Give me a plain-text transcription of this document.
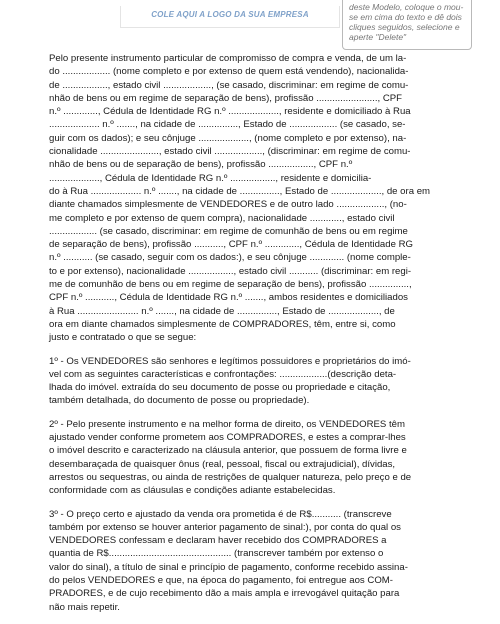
COLE AQUI A LOGO DA SUA EMPRESA
deste Modelo, coloque o mou- se em cima do texto e dê dois cliques seguidos, selecione e aperte "Delete"

Pelo presente instrumento particular de compromisso de compra e venda, de um la-
do .................. (nome completo e por extenso de quem está vendendo), nacionalida-
de ................., estado civil .................., (se casado, discriminar: em regime de comu-
nhão de bens ou em regime de separação de bens), profissão ......................., CPF
n.º ............., Cédula de Identidade RG n.º ..................., residente e domiciliado à Rua
................... n.º ......., na cidade de ..............., Estado de .................. (se casado, se-
guir com os dados); e seu cônjuge ..................., (nome completo e por extenso), na-
cionalidade ......................, estado civil .................., (discriminar: em regime de comu-
nhão de bens ou de separação de bens), profissão ................., CPF n.º
..................., Cédula de Identidade RG n.º ................., residente e domicilia-
do à Rua ................... n.º ......., na cidade de ..............., Estado de ..................., de ora em
diante chamados simplesmente de VENDEDORES e de outro lado .................., (no-
me completo e por extenso de quem compra), nacionalidade ............, estado civil
.................. (se casado, discriminar: em regime de comunhão de bens ou em regime
de separação de bens), profissão ..........., CPF n.º ............., Cédula de Identidade RG
n.º ........... (se casado, seguir com os dados:), e seu cônjuge ............. (nome comple-
to e por extenso), nacionalidade ................., estado civil ........... (discriminar: em regi-
me de comunhão de bens ou em regime de separação de bens), profissão ...............,
CPF n.º ..........., Cédula de Identidade RG n.º ......., ambos residentes e domiciliados
à Rua ....................... n.º ......., na cidade de ..............., Estado de ..................., de
ora em diante chamados simplesmente de COMPRADORES, têm, entre si, como
justo e contratado o que se segue:

1º - Os VENDEDORES são senhores e legítimos possuidores e proprietários do imó-
vel com as seguintes características e confrontações: ..................(descrição deta-
lhada do imóvel. extraída do seu documento de posse ou propriedade e citação,
também detalhada, do documento de posse ou propriedade).

2º - Pelo presente instrumento e na melhor forma de direito, os VENDEDORES têm
ajustado vender conforme prometem aos COMPRADORES, e estes a comprar-lhes
o imóvel descrito e caracterizado na cláusula anterior, que possuem de forma livre e
desembaraçada de quaisquer ônus (real, pessoal, fiscal ou extrajudicial), dívidas,
arrestos ou sequestras, ou ainda de restrições de qualquer natureza, pelo preço e de
conformidade com as cláusulas e condições adiante estabelecidas.

3º - O preço certo e ajustado da venda ora prometida é de R$........... (transcreve
também por extenso se houver anterior pagamento de sinal:), por conta do qual os
VENDEDORES confessam e declaram haver recebido dos COMPRADORES a
quantia de R$.............................................. (transcrever também por extenso o
valor do sinal), a título de sinal e princípio de pagamento, conforme recebido assina-
do pelos VENDEDORES e que, na época do pagamento, foi entregue aos COM-
PRADORES, e de cujo recebimento dão a mais ampla e irrevogável quitação para
não mais repetir.
